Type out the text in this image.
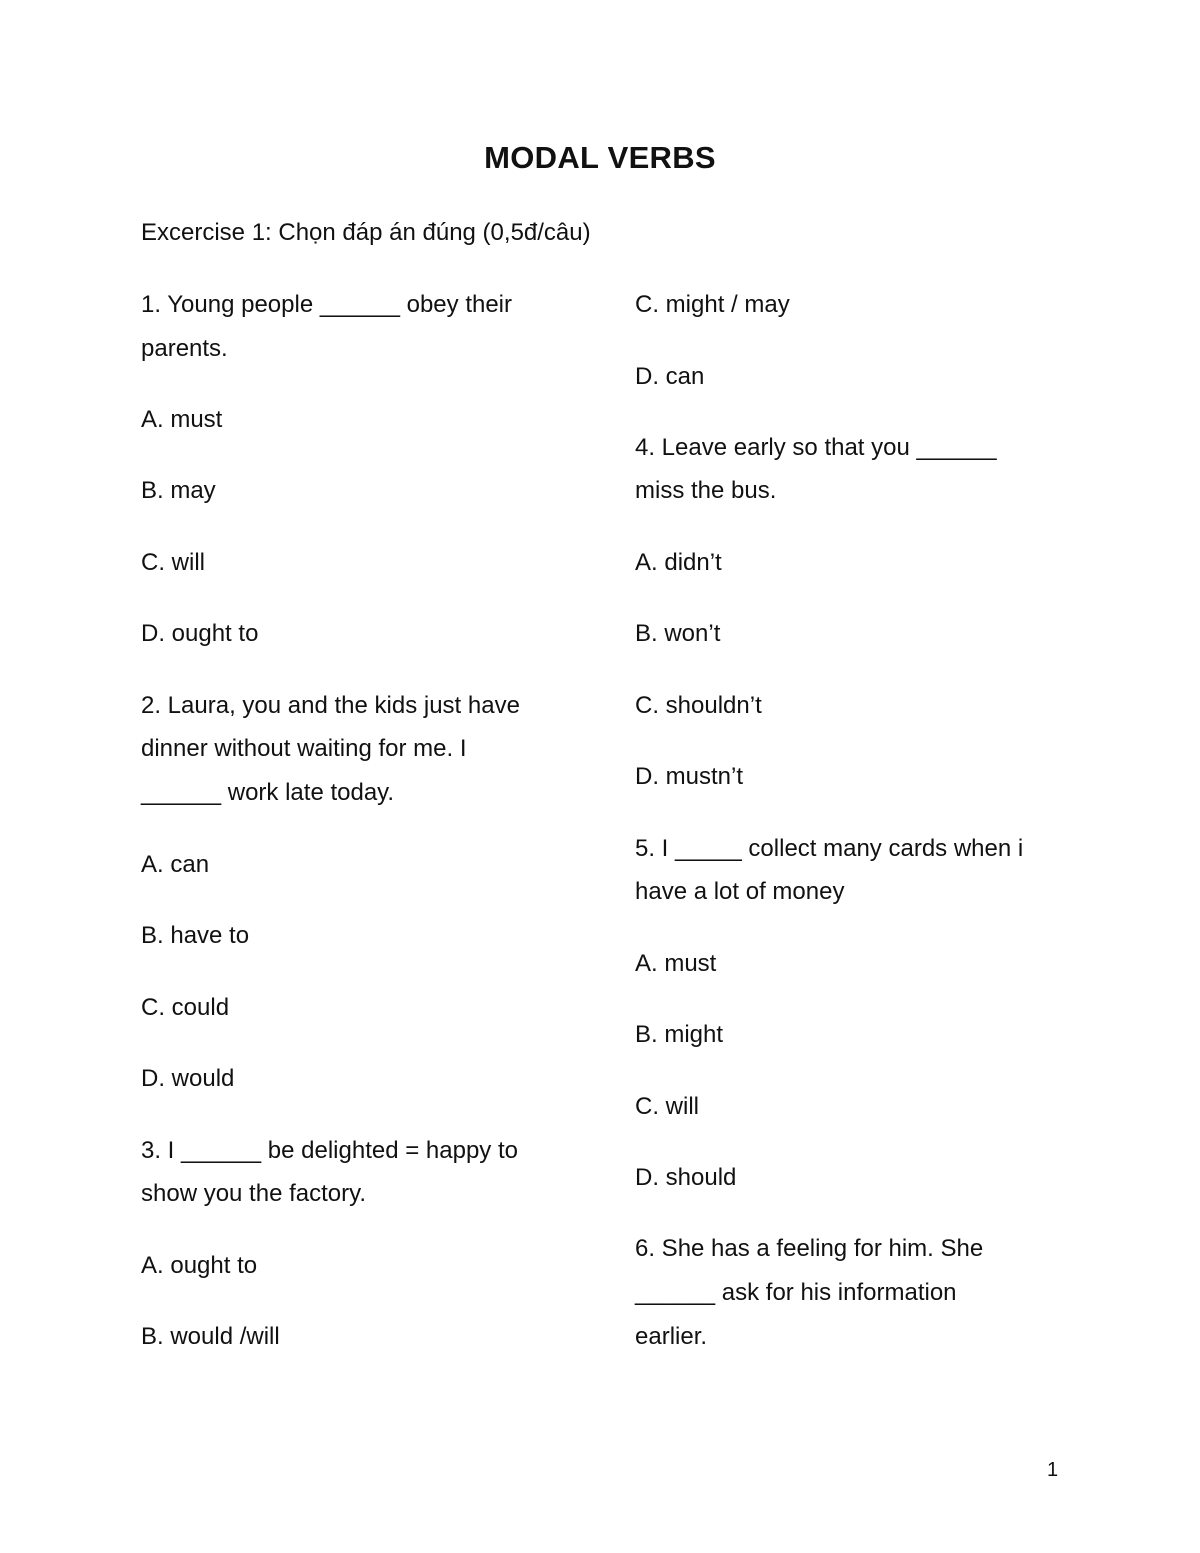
MODAL VERBS
Excercise 1: Chọn đáp án đúng (0,5đ/câu)
1. Young people ______ obey their
parents.
A. must
B. may
C. will
D. ought to
2. Laura, you and the kids just have
dinner without waiting for me. I
______ work late today.
A. can
B. have to
C. could
D. would
3. I ______ be delighted = happy to
show you the factory.
A. ought to
B. would /will
C. might / may
D. can
4. Leave early so that you ______
miss the bus.
A. didn’t
B. won’t
C. shouldn’t
D. mustn’t
5. I _____ collect many cards when i
have a lot of money
A. must
B. might
C. will
D. should
6. She has a feeling for him. She
______ ask for his information
earlier.
1
